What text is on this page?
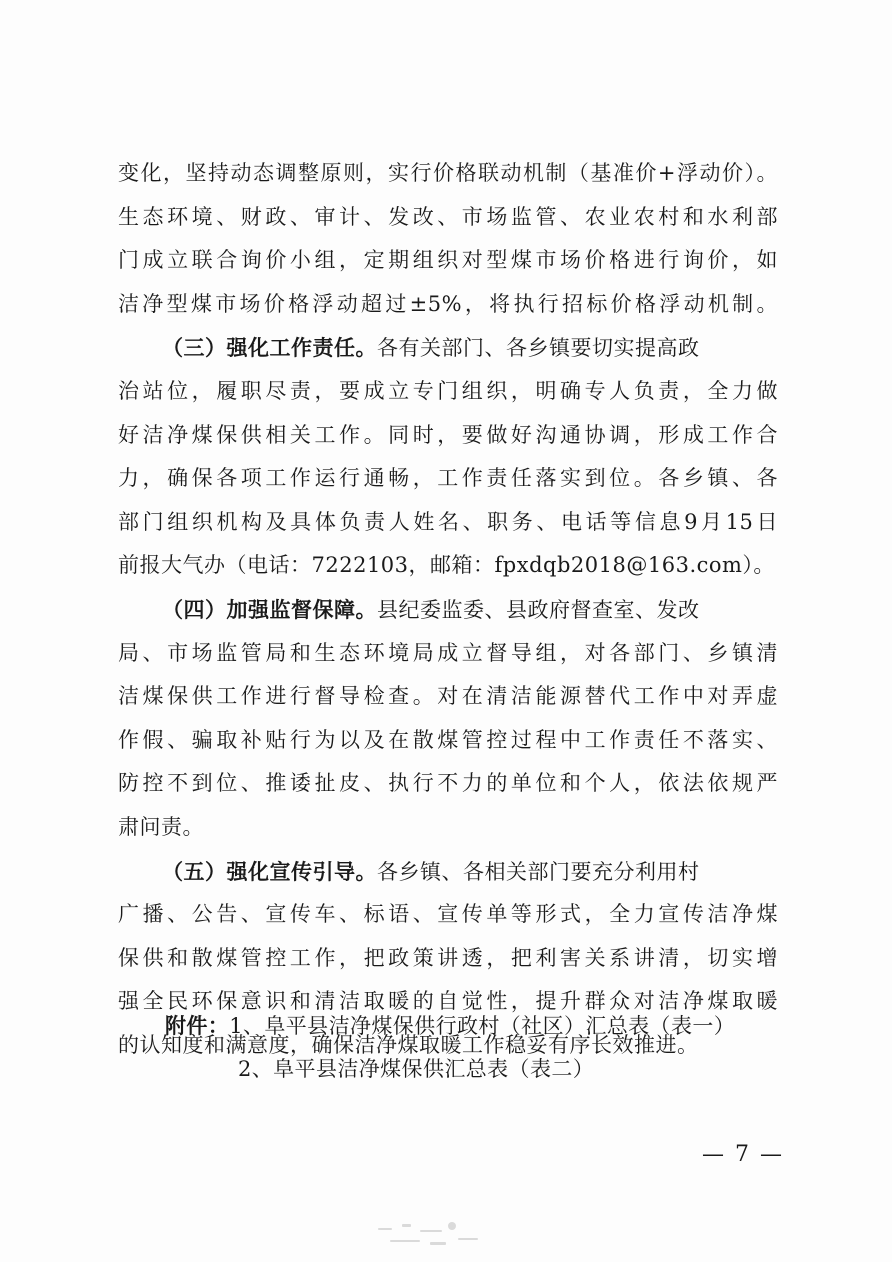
变化，坚持动态调整原则，实行价格联动机制（基准价+浮动价）。
生态环境、财政、审计、发改、市场监管、农业农村和水利部
门成立联合询价小组，定期组织对型煤市场价格进行询价，如
洁净型煤市场价格浮动超过±5%，将执行招标价格浮动机制。
（三）强化工作责任。各有关部门、各乡镇要切实提高政
治站位，履职尽责，要成立专门组织，明确专人负责，全力做
好洁净煤保供相关工作。同时，要做好沟通协调，形成工作合
力，确保各项工作运行通畅，工作责任落实到位。各乡镇、各
部门组织机构及具体负责人姓名、职务、电话等信息9月15日
前报大气办（电话：7222103，邮箱：fpxdqb2018@163.com）。
（四）加强监督保障。县纪委监委、县政府督查室、发改
局、市场监管局和生态环境局成立督导组，对各部门、乡镇清
洁煤保供工作进行督导检查。对在清洁能源替代工作中对弄虚
作假、骗取补贴行为以及在散煤管控过程中工作责任不落实、
防控不到位、推诿扯皮、执行不力的单位和个人，依法依规严
肃问责。
（五）强化宣传引导。各乡镇、各相关部门要充分利用村
广播、公告、宣传车、标语、宣传单等形式，全力宣传洁净煤
保供和散煤管控工作，把政策讲透，把利害关系讲清，切实增
强全民环保意识和清洁取暖的自觉性，提升群众对洁净煤取暖
的认知度和满意度，确保洁净煤取暖工作稳妥有序长效推进。
附件：1、阜平县洁净煤保供行政村（社区）汇总表（表一）
2、阜平县洁净煤保供汇总表（表二）
— 7 —
